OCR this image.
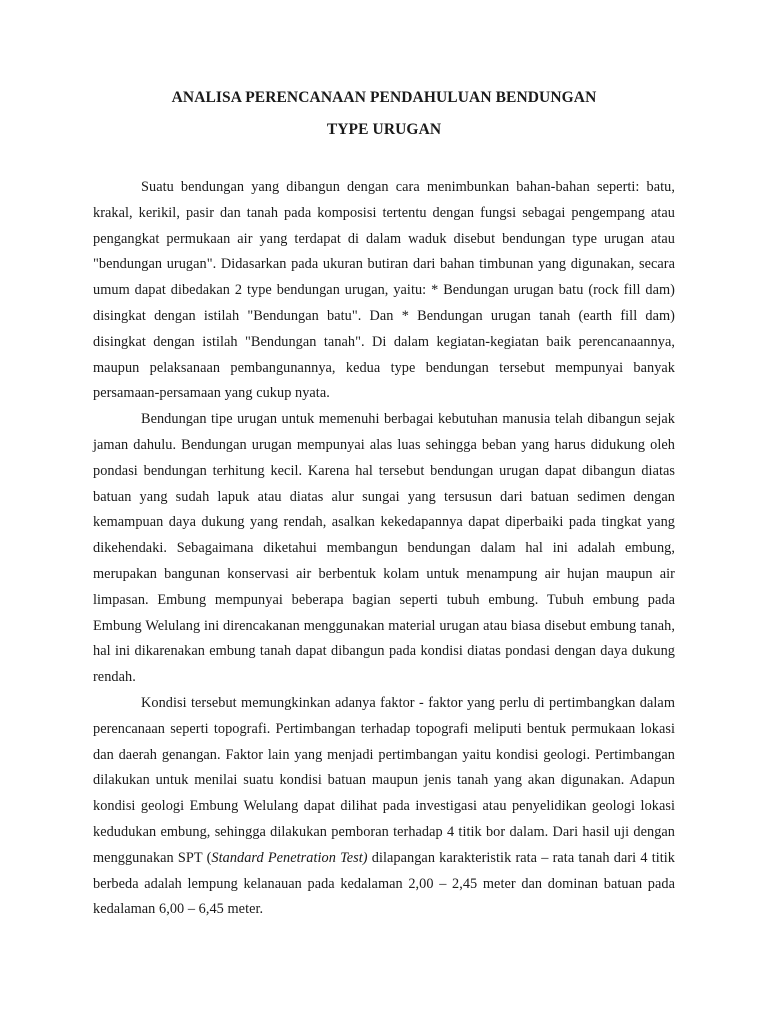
ANALISA PERENCANAAN PENDAHULUAN BENDUNGAN
TYPE URUGAN

Suatu bendungan yang dibangun dengan cara menimbunkan bahan-bahan seperti: batu, krakal, kerikil, pasir dan tanah pada komposisi tertentu dengan fungsi sebagai pengempang atau pengangkat permukaan air yang terdapat di dalam waduk disebut bendungan type urugan atau "bendungan urugan". Didasarkan pada ukuran butiran dari bahan timbunan yang digunakan, secara umum dapat dibedakan 2 type bendungan urugan, yaitu: * Bendungan urugan batu (rock fill dam) disingkat dengan istilah "Bendungan batu". Dan * Bendungan urugan tanah (earth fill dam) disingkat dengan istilah "Bendungan tanah". Di dalam kegiatan-kegiatan baik perencanaannya, maupun pelaksanaan pembangunannya, kedua type bendungan tersebut mempunyai banyak persamaan-persamaan yang cukup nyata.

Bendungan tipe urugan untuk memenuhi berbagai kebutuhan manusia telah dibangun sejak jaman dahulu. Bendungan urugan mempunyai alas luas sehingga beban yang harus didukung oleh pondasi bendungan terhitung kecil. Karena hal tersebut bendungan urugan dapat dibangun diatas batuan yang sudah lapuk atau diatas alur sungai yang tersusun dari batuan sedimen dengan kemampuan daya dukung yang rendah, asalkan kekedapannya dapat diperbaiki pada tingkat yang dikehendaki. Sebagaimana diketahui membangun bendungan dalam hal ini adalah embung, merupakan bangunan konservasi air berbentuk kolam untuk menampung air hujan maupun air limpasan. Embung mempunyai beberapa bagian seperti tubuh embung. Tubuh embung pada Embung Welulang ini direncakanan menggunakan material urugan atau biasa disebut embung tanah, hal ini dikarenakan embung tanah dapat dibangun pada kondisi diatas pondasi dengan daya dukung rendah.

Kondisi tersebut memungkinkan adanya faktor - faktor yang perlu di pertimbangkan dalam perencanaan seperti topografi. Pertimbangan terhadap topografi meliputi bentuk permukaan lokasi dan daerah genangan. Faktor lain yang menjadi pertimbangan yaitu kondisi geologi. Pertimbangan dilakukan untuk menilai suatu kondisi batuan maupun jenis tanah yang akan digunakan. Adapun kondisi geologi Embung Welulang dapat dilihat pada investigasi atau penyelidikan geologi lokasi kedudukan embung, sehingga dilakukan pemboran terhadap 4 titik bor dalam. Dari hasil uji dengan menggunakan SPT (Standard Penetration Test) dilapangan karakteristik rata – rata tanah dari 4 titik berbeda adalah lempung kelanauan pada kedalaman 2,00 – 2,45 meter dan dominan batuan pada kedalaman 6,00 – 6,45 meter.
